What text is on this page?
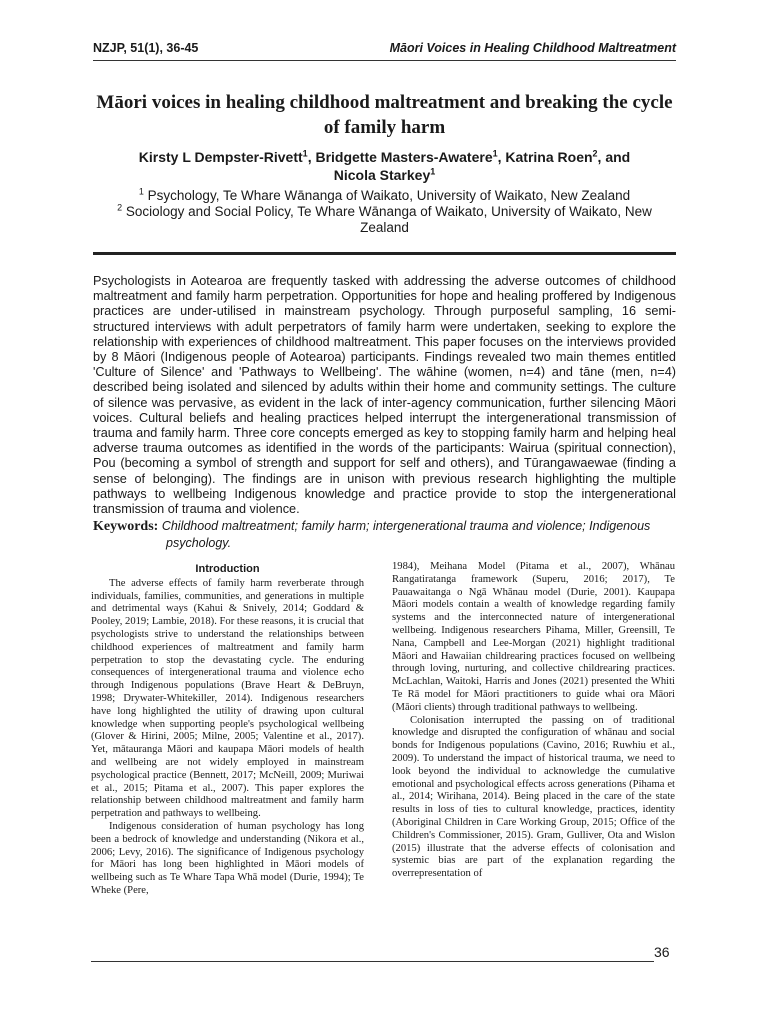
NZJP, 51(1), 36-45	Māori Voices in Healing Childhood Maltreatment
Māori voices in healing childhood maltreatment and breaking the cycle of family harm
Kirsty L Dempster-Rivett$^1$, Bridgette Masters-Awatere$^1$, Katrina Roen$^2$, and
Nicola Starkey$^1$
$^1$ Psychology, Te Whare Wānanga of Waikato, University of Waikato, New Zealand
$^2$ Sociology and Social Policy, Te Whare Wānanga of Waikato, University of Waikato, New Zealand

Psychologists in Aotearoa are frequently tasked with addressing the adverse outcomes of childhood maltreatment and family harm perpetration. Opportunities for hope and healing proffered by Indigenous practices are under-utilised in mainstream psychology. Through purposeful sampling, 16 semi-structured interviews with adult perpetrators of family harm were undertaken, seeking to explore the relationship with experiences of childhood maltreatment. This paper focuses on the interviews provided by 8 Māori (Indigenous people of Aotearoa) participants. Findings revealed two main themes entitled 'Culture of Silence' and 'Pathways to Wellbeing'. The wāhine (women, n=4) and tāne (men, n=4) described being isolated and silenced by adults within their home and community settings. The culture of silence was pervasive, as evident in the lack of inter-agency communication, further silencing Māori voices. Cultural beliefs and healing practices helped interrupt the intergenerational transmission of trauma and family harm. Three core concepts emerged as key to stopping family harm and helping heal adverse trauma outcomes as identified in the words of the participants: Wairua (spiritual connection), Pou (becoming a symbol of strength and support for self and others), and Tūrangawaewae (finding a sense of belonging). The findings are in unison with previous research highlighting the multiple pathways to wellbeing Indigenous knowledge and practice provide to stop the intergenerational transmission of trauma and violence.

Keywords: Childhood maltreatment; family harm; intergenerational trauma and violence; Indigenous psychology.
Introduction

The adverse effects of family harm reverberate through individuals, families, communities, and generations in multiple and detrimental ways (Kahui & Snively, 2014; Goddard & Pooley, 2019; Lambie, 2018). For these reasons, it is crucial that psychologists strive to understand the relationships between childhood experiences of maltreatment and family harm perpetration to stop the devastating cycle. The enduring consequences of intergenerational trauma and violence echo through Indigenous populations (Brave Heart & DeBruyn, 1998; Drywater-Whitekiller, 2014). Indigenous researchers have long highlighted the utility of drawing upon cultural knowledge when supporting people's psychological wellbeing (Glover & Hirini, 2005; Milne, 2005; Valentine et al., 2017). Yet, mātauranga Māori and kaupapa Māori models of health and wellbeing are not widely employed in mainstream psychological practice (Bennett, 2017; McNeill, 2009; Muriwai et al., 2015; Pitama et al., 2007). This paper explores the relationship between childhood maltreatment and family harm perpetration and pathways to wellbeing.

Indigenous consideration of human psychology has long been a bedrock of knowledge and understanding (Nikora et al., 2006; Levy, 2016). The significance of Indigenous psychology for Māori has long been highlighted in Māori models of wellbeing such as Te Whare Tapa Whā model (Durie, 1994); Te Wheke (Pere,

1984), Meihana Model (Pitama et al., 2007), Whānau Rangatiratanga framework (Superu, 2016; 2017), Te Pauawaitanga o Ngā Whānau model (Durie, 2001). Kaupapa Māori models contain a wealth of knowledge regarding family systems and the interconnected nature of intergenerational wellbeing. Indigenous researchers Pihama, Miller, Greensill, Te Nana, Campbell and Lee-Morgan (2021) highlight traditional Māori and Hawaiian childrearing practices focused on wellbeing through loving, nurturing, and collective childrearing practices. McLachlan, Waitoki, Harris and Jones (2021) presented the Whiti Te Rā model for Māori practitioners to guide whai ora Māori (Māori clients) through traditional pathways to wellbeing.

Colonisation interrupted the passing on of traditional knowledge and disrupted the configuration of whānau and social bonds for Indigenous populations (Cavino, 2016; Ruwhiu et al., 2009). To understand the impact of historical trauma, we need to look beyond the individual to acknowledge the cumulative emotional and psychological effects across generations (Pihama et al., 2014; Wirihana, 2014). Being placed in the care of the state results in loss of ties to cultural knowledge, practices, identity (Aboriginal Children in Care Working Group, 2015; Office of the Children's Commissioner, 2015). Gram, Gulliver, Ota and Wislon (2015) illustrate that the adverse effects of colonisation and systemic bias are part of the explanation regarding the overrepresentation of

36
